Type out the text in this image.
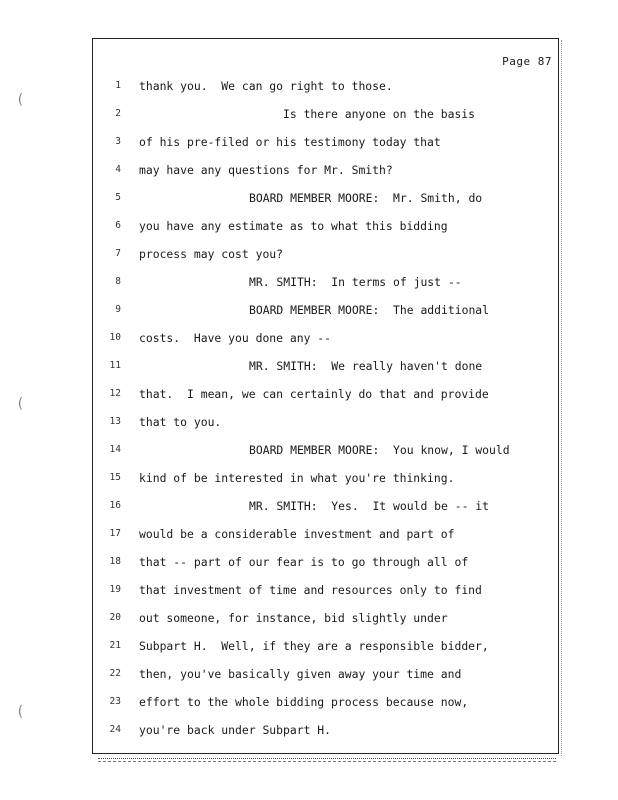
(
(
(
Page 87
1 thank you.  We can go right to those.
2	Is there anyone on the basis
3 of his pre-filed or his testimony today that
4 may have any questions for Mr. Smith?
5	BOARD MEMBER MOORE:  Mr. Smith, do
6 you have any estimate as to what this bidding
7 process may cost you?
8	MR. SMITH:  In terms of just --
9	BOARD MEMBER MOORE:  The additional
10 costs.  Have you done any --
11	MR. SMITH:  We really haven't done
12 that.  I mean, we can certainly do that and provide
13 that to you.
14	BOARD MEMBER MOORE:  You know, I would
15 kind of be interested in what you're thinking.
16	MR. SMITH:  Yes.  It would be -- it
17 would be a considerable investment and part of
18 that -- part of our fear is to go through all of
19 that investment of time and resources only to find
20 out someone, for instance, bid slightly under
21 Subpart H.  Well, if they are a responsible bidder,
22 then, you've basically given away your time and
23 effort to the whole bidding process because now,
24 you're back under Subpart H.
